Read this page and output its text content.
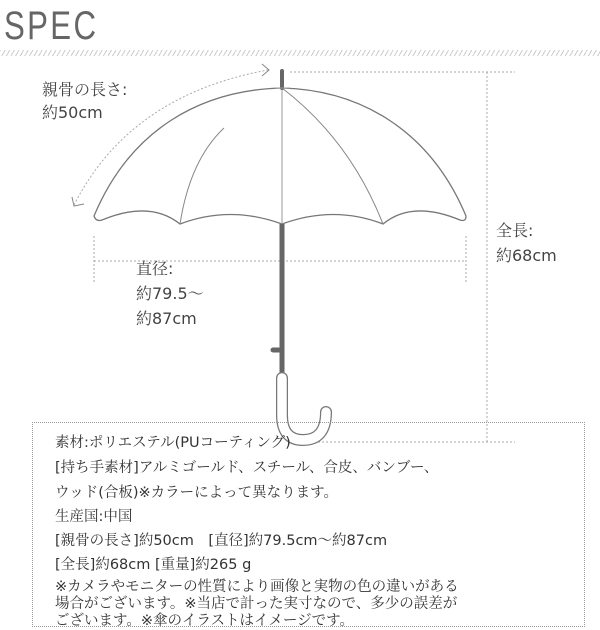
SPEC
親骨の長さ:
約50cm
直径:
約79.5〜
約87cm
全長:
約68cm
素材:ポリエステル(PUコーティング)
[持ち手素材]アルミゴールド、スチール、合皮、バンブー、
ウッド(合板)※カラーによって異なります。
生産国:中国
[親骨の長さ]約50cm　[直径]約79.5cm〜約87cm
[全長]約68cm [重量]約265 g
※カメラやモニターの性質により画像と実物の色の違いがある
場合がございます。※当店で計った実寸なので、多少の誤差が
ございます。※傘のイラストはイメージです。
